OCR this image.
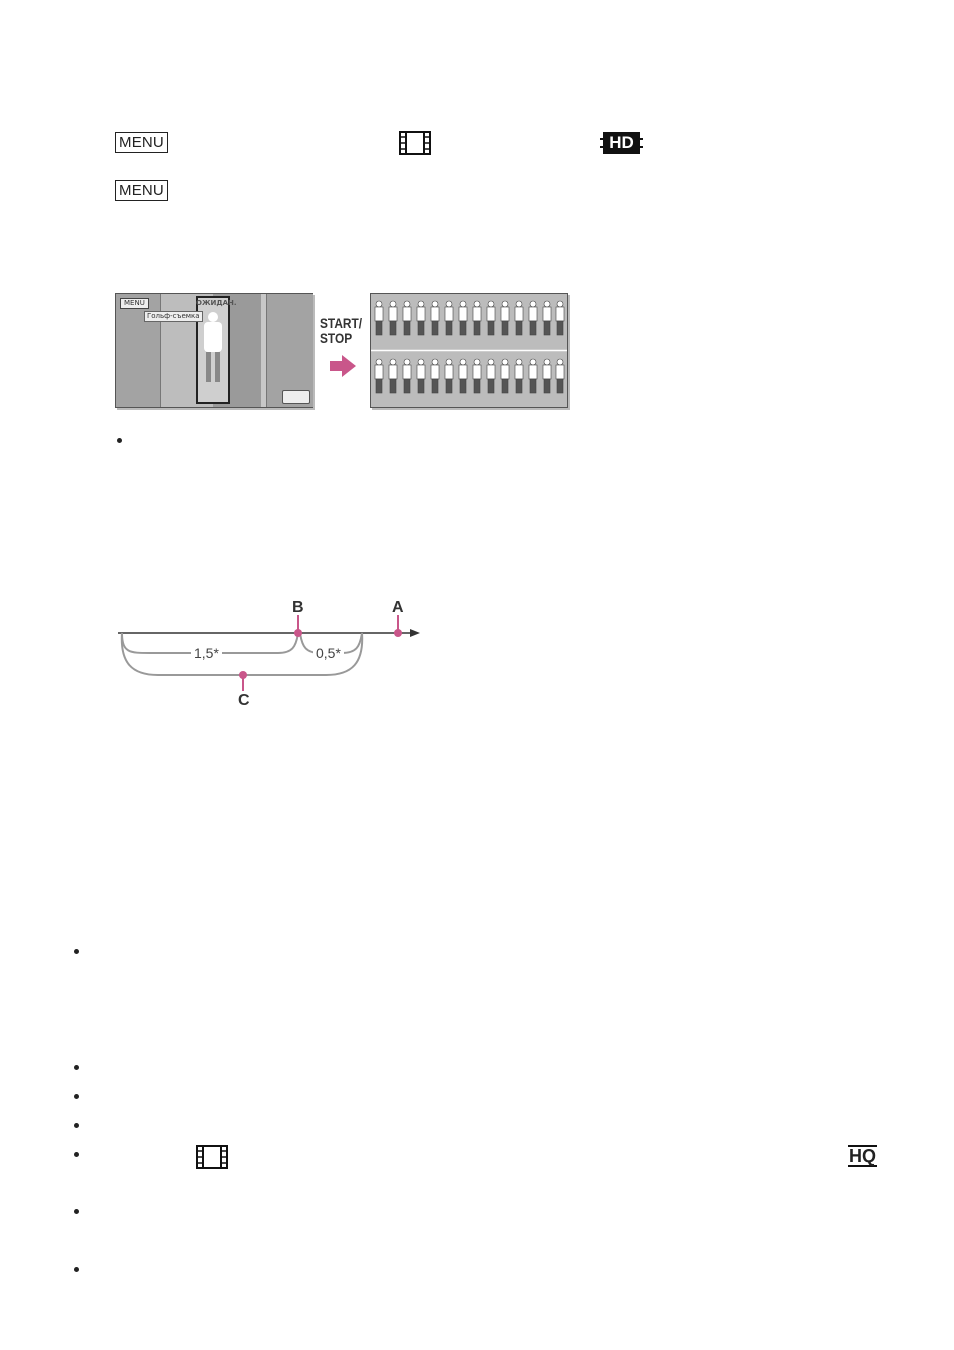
MENU	HD
MENU
MENU
Гольф-съемка
ОЖИДАН.
START/ STOP
B	A
C
1,5*	0,5*
HQ
